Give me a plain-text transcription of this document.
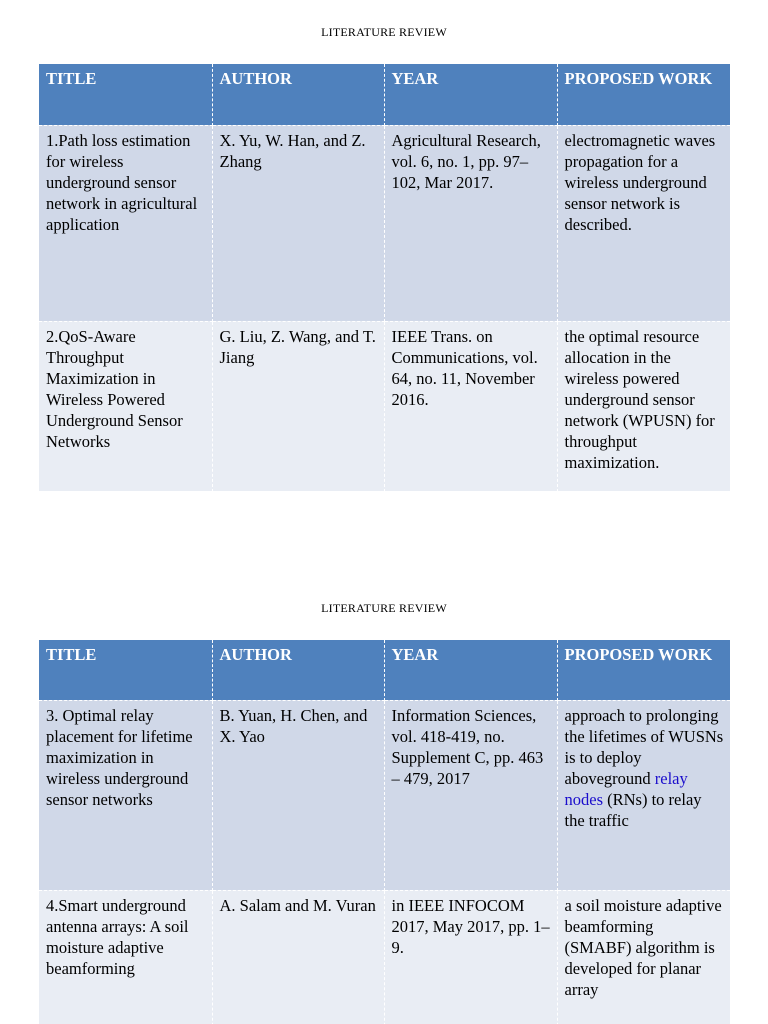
LITERATURE REVIEW
TITLE	AUTHOR	YEAR	PROPOSED WORK
1.Path loss estimation for wireless underground sensor network in agricultural application	X. Yu, W. Han, and Z. Zhang	Agricultural Research, vol. 6, no. 1, pp. 97–102, Mar 2017.	electromagnetic waves propagation for a wireless underground sensor network is described.
2.QoS-Aware Throughput Maximization in Wireless Powered Underground Sensor Networks	G. Liu, Z. Wang, and T. Jiang	IEEE Trans. on Communications, vol. 64, no. 11, November 2016.	the optimal resource allocation in the wireless powered underground sensor network (WPUSN) for throughput maximization.
LITERATURE REVIEW
TITLE	AUTHOR	YEAR	PROPOSED WORK
3. Optimal relay placement for lifetime maximization in wireless underground sensor networks	B. Yuan, H. Chen, and X. Yao	Information Sciences, vol. 418-419, no. Supplement C, pp. 463 – 479, 2017	approach to prolonging the lifetimes of WUSNs is to deploy aboveground relay nodes (RNs) to relay the traffic
4.Smart underground antenna arrays: A soil moisture adaptive beamforming	A. Salam and M. Vuran	in IEEE INFOCOM 2017, May 2017, pp. 1–9.	a soil moisture adaptive beamforming (SMABF) algorithm is developed for planar array
